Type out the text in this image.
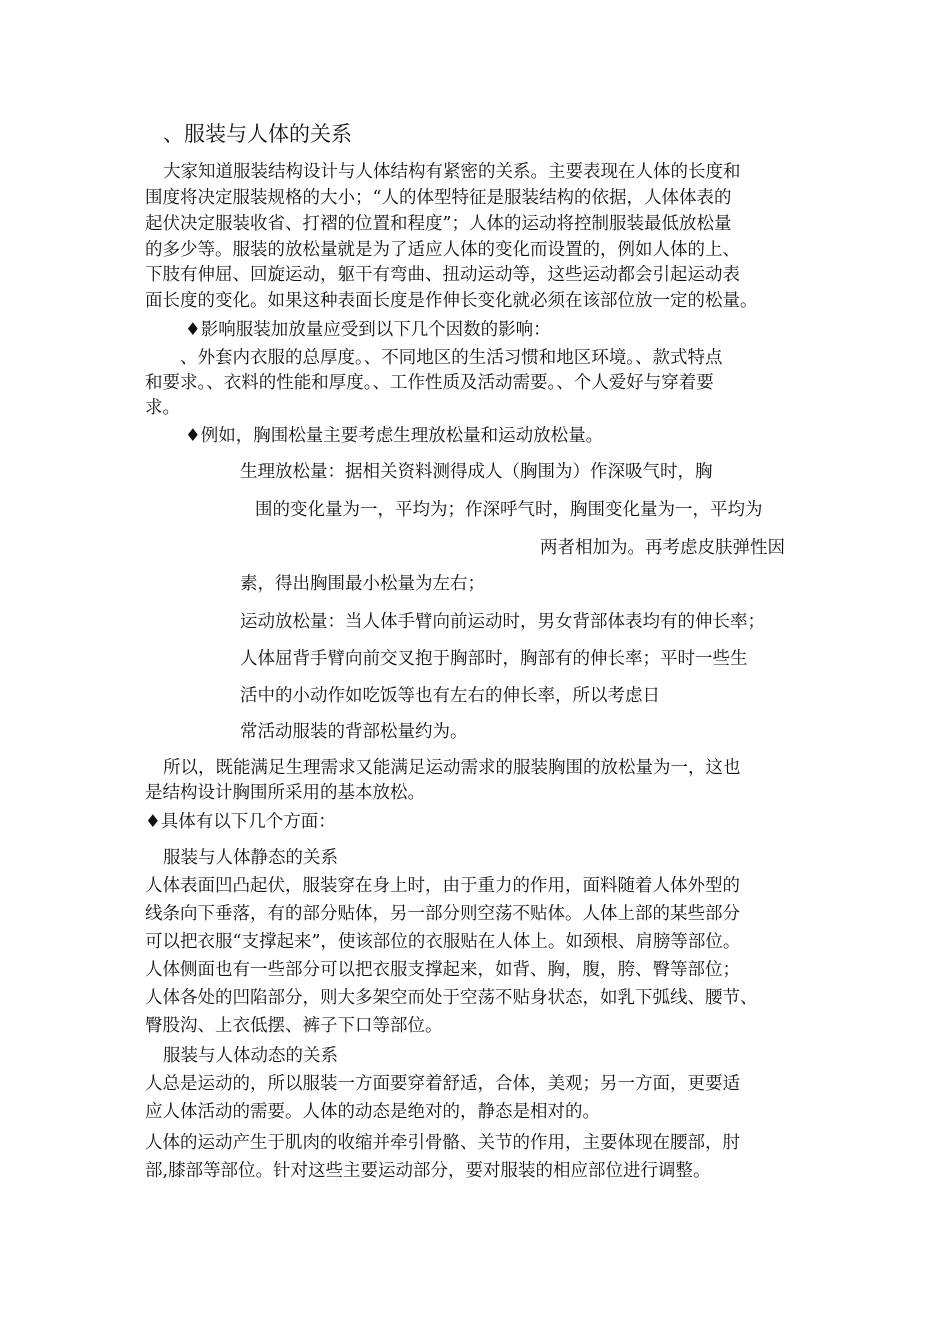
、服装与人体的关系
大家知道服装结构设计与人体结构有紧密的关系。主要表现在人体的长度和
围度将决定服装规格的大小；“人的体型特征是服装结构的依据，人体体表的
起伏决定服装收省、打褶的位置和程度”；人体的运动将控制服装最低放松量
的多少等。服装的放松量就是为了适应人体的变化而设置的，例如人体的上、
下肢有伸屈、回旋运动，躯干有弯曲、扭动运动等，这些运动都会引起运动表
面长度的变化。如果这种表面长度是作伸长变化就必须在该部位放一定的松量。
♦影响服装加放量应受到以下几个因数的影响：
、外套内衣服的总厚度。、不同地区的生活习惯和地区环境。、款式特点
和要求。、衣料的性能和厚度。、工作性质及活动需要。、个人爱好与穿着要
求。
♦例如，胸围松量主要考虑生理放松量和运动放松量。
生理放松量：据相关资料测得成人（胸围为）作深吸气时，胸
围的变化量为一，平均为；作深呼气时，胸围变化量为一，平均为
两者相加为。再考虑皮肤弹性因
素，得出胸围最小松量为左右；
运动放松量：当人体手臂向前运动时，男女背部体表均有的伸长率；
人体屈背手臂向前交叉抱于胸部时，胸部有的伸长率；平时一些生
活中的小动作如吃饭等也有左右的伸长率，所以考虑日
常活动服装的背部松量约为。
所以，既能满足生理需求又能满足运动需求的服装胸围的放松量为一，这也
是结构设计胸围所采用的基本放松。
♦具体有以下几个方面：
服装与人体静态的关系
人体表面凹凸起伏，服装穿在身上时，由于重力的作用，面料随着人体外型的
线条向下垂落，有的部分贴体，另一部分则空荡不贴体。人体上部的某些部分
可以把衣服“支撑起来”，使该部位的衣服贴在人体上。如颈根、肩膀等部位。
人体侧面也有一些部分可以把衣服支撑起来，如背、胸，腹，胯、臀等部位；
人体各处的凹陷部分，则大多架空而处于空荡不贴身状态，如乳下弧线、腰节、
臀股沟、上衣低摆、裤子下口等部位。
服装与人体动态的关系
人总是运动的，所以服装一方面要穿着舒适，合体，美观；另一方面，更要适
应人体活动的需要。人体的动态是绝对的，静态是相对的。
人体的运动产生于肌肉的收缩并牵引骨骼、关节的作用，主要体现在腰部，肘
部,膝部等部位。针对这些主要运动部分，要对服装的相应部位进行调整。
